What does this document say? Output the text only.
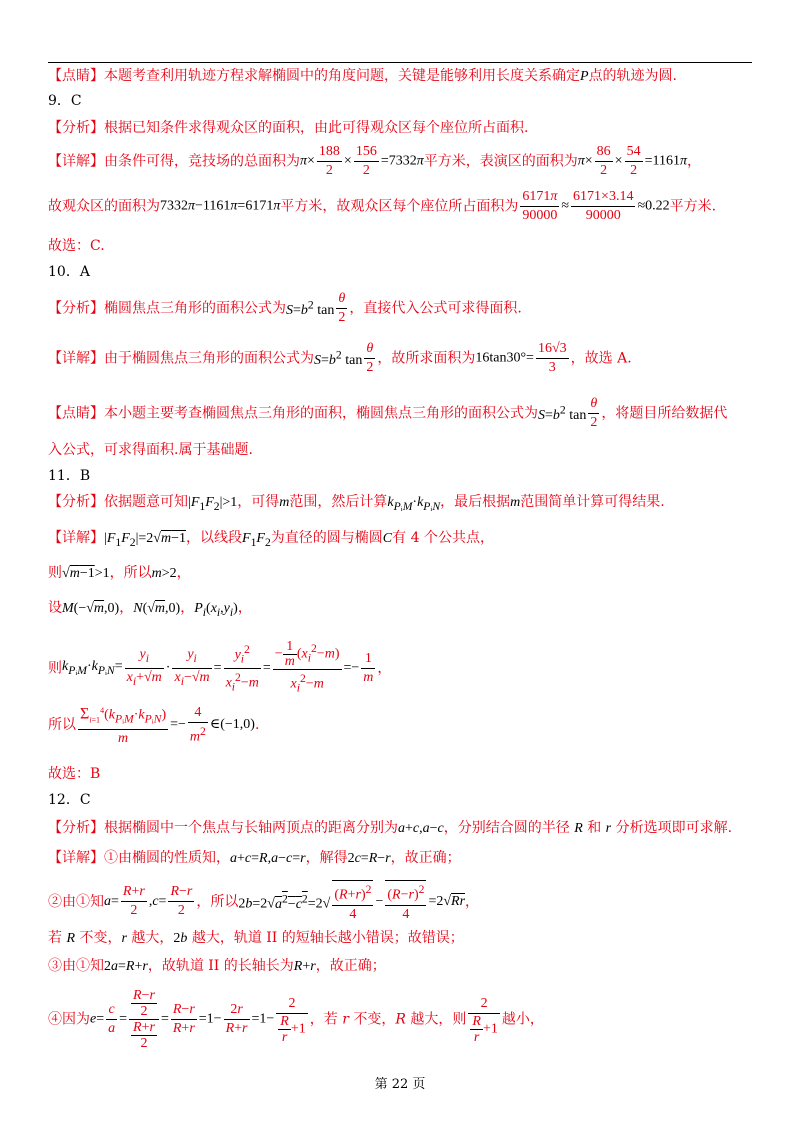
【点睛】本题考查利用轨迹方程求解椭圆中的角度问题，关键是能够利用长度关系确定P点的轨迹为圆.
9．C
【分析】根据已知条件求得观众区的面积，由此可得观众区每个座位所占面积.
【详解】由条件可得，竞技场的总面积为$\pi\times \frac{188}{2} \times \frac{156}{2} =7332\pi$平方米，表演区的面积为$\pi\times \frac{86}{2} \times \frac{54}{2} =1161\pi$，
故观众区的面积为7332π−1161π=6171π平方米，故观众区每个座位所占面积为 $\frac{6171\pi}{90000} \approx \frac{6171\times 3.14}{90000} \approx 0.22$平方米.
故选：C.
10．A
【分析】椭圆焦点三角形的面积公式为$S=b^2$ $\tan \frac{\theta}{2}$ ，直接代入公式可求得面积.
【详解】由于椭圆焦点三角形的面积公式为$S=b^2$ $\tan \frac{\theta}{2}$ ，故所求面积为$16\tan 30^\circ= \frac{16√3}{3}$ ，故选 A.
【点睛】本小题主要考查椭圆焦点三角形的面积，椭圆焦点三角形的面积公式为$S=b^2$ $\tan \frac{\theta}{2}$ ，将题目所给数据代
入公式，可求得面积.属于基础题.
11．B
【分析】依据题意可知$|F_1F_2|>1$，可得m范围，然后计算$k_{PᵢM}\cdot k_{PᵢN}$，最后根据m范围简单计算可得结果.
【详解】$|F_1F_2|=2√m-1$，以线段$F_1F_2$为直径的圆与椭圆C有 4 个公共点，
则√m−1>1，所以m>2，
设M(−√m,0)，N(√m,0)，$P_i(x_i,y_i)$，
则$k_{PᵢM}\cdot k_{PᵢN}= \frac{y_i}{x_i+√m} \cdot \frac{y_i}{x_i-√m} = \frac{y_i^2}{x_i^2-m} = \frac{- \frac{1}{m} (x_i^2-m)}{x_i^2-m} =- \frac{1}{m}$ ，
所以 $\frac{\Sigma_{i=1}^4(k_{PᵢM}\cdot k_{PᵢN})}{m} =- \frac{4}{m^2}$ ∈(−1,0).
故选：B
12．C
【分析】根据椭圆中一个焦点与长轴两顶点的距离分别为a+c,a−c，分别结合圆的半径 R 和 r 分析选项即可求解.
【详解】①由椭圆的性质知，a+c=R,a−c=r，解得2c=R−r，故正确；
②由①知$a= \frac{R+r}{2} ,c= \frac{R-r}{2}$ ，所以$2b=2√a^2-c^2=2√ \frac{(R+r)^2}{4} - \frac{(R-r)^2}{4} =2√Rr$，
若 R 不变，r 越大，2b 越大，轨道 II 的短轴长越小错误；故错误；
③由①知2a=R+r，故轨道 II 的长轴长为R+r，故正确；
④因为$e= \frac{c}{a} = \frac{\frac{R-r}{2}}{\frac{R+r}{2}} = \frac{R-r}{R+r} =1- \frac{2r}{R+r} =1- \frac{2}{\frac{R}{r} +1}$ ，若 r 不变，R 越大，则 $\frac{2}{\frac{R}{r} +1}$ 越小，
第 22 页
